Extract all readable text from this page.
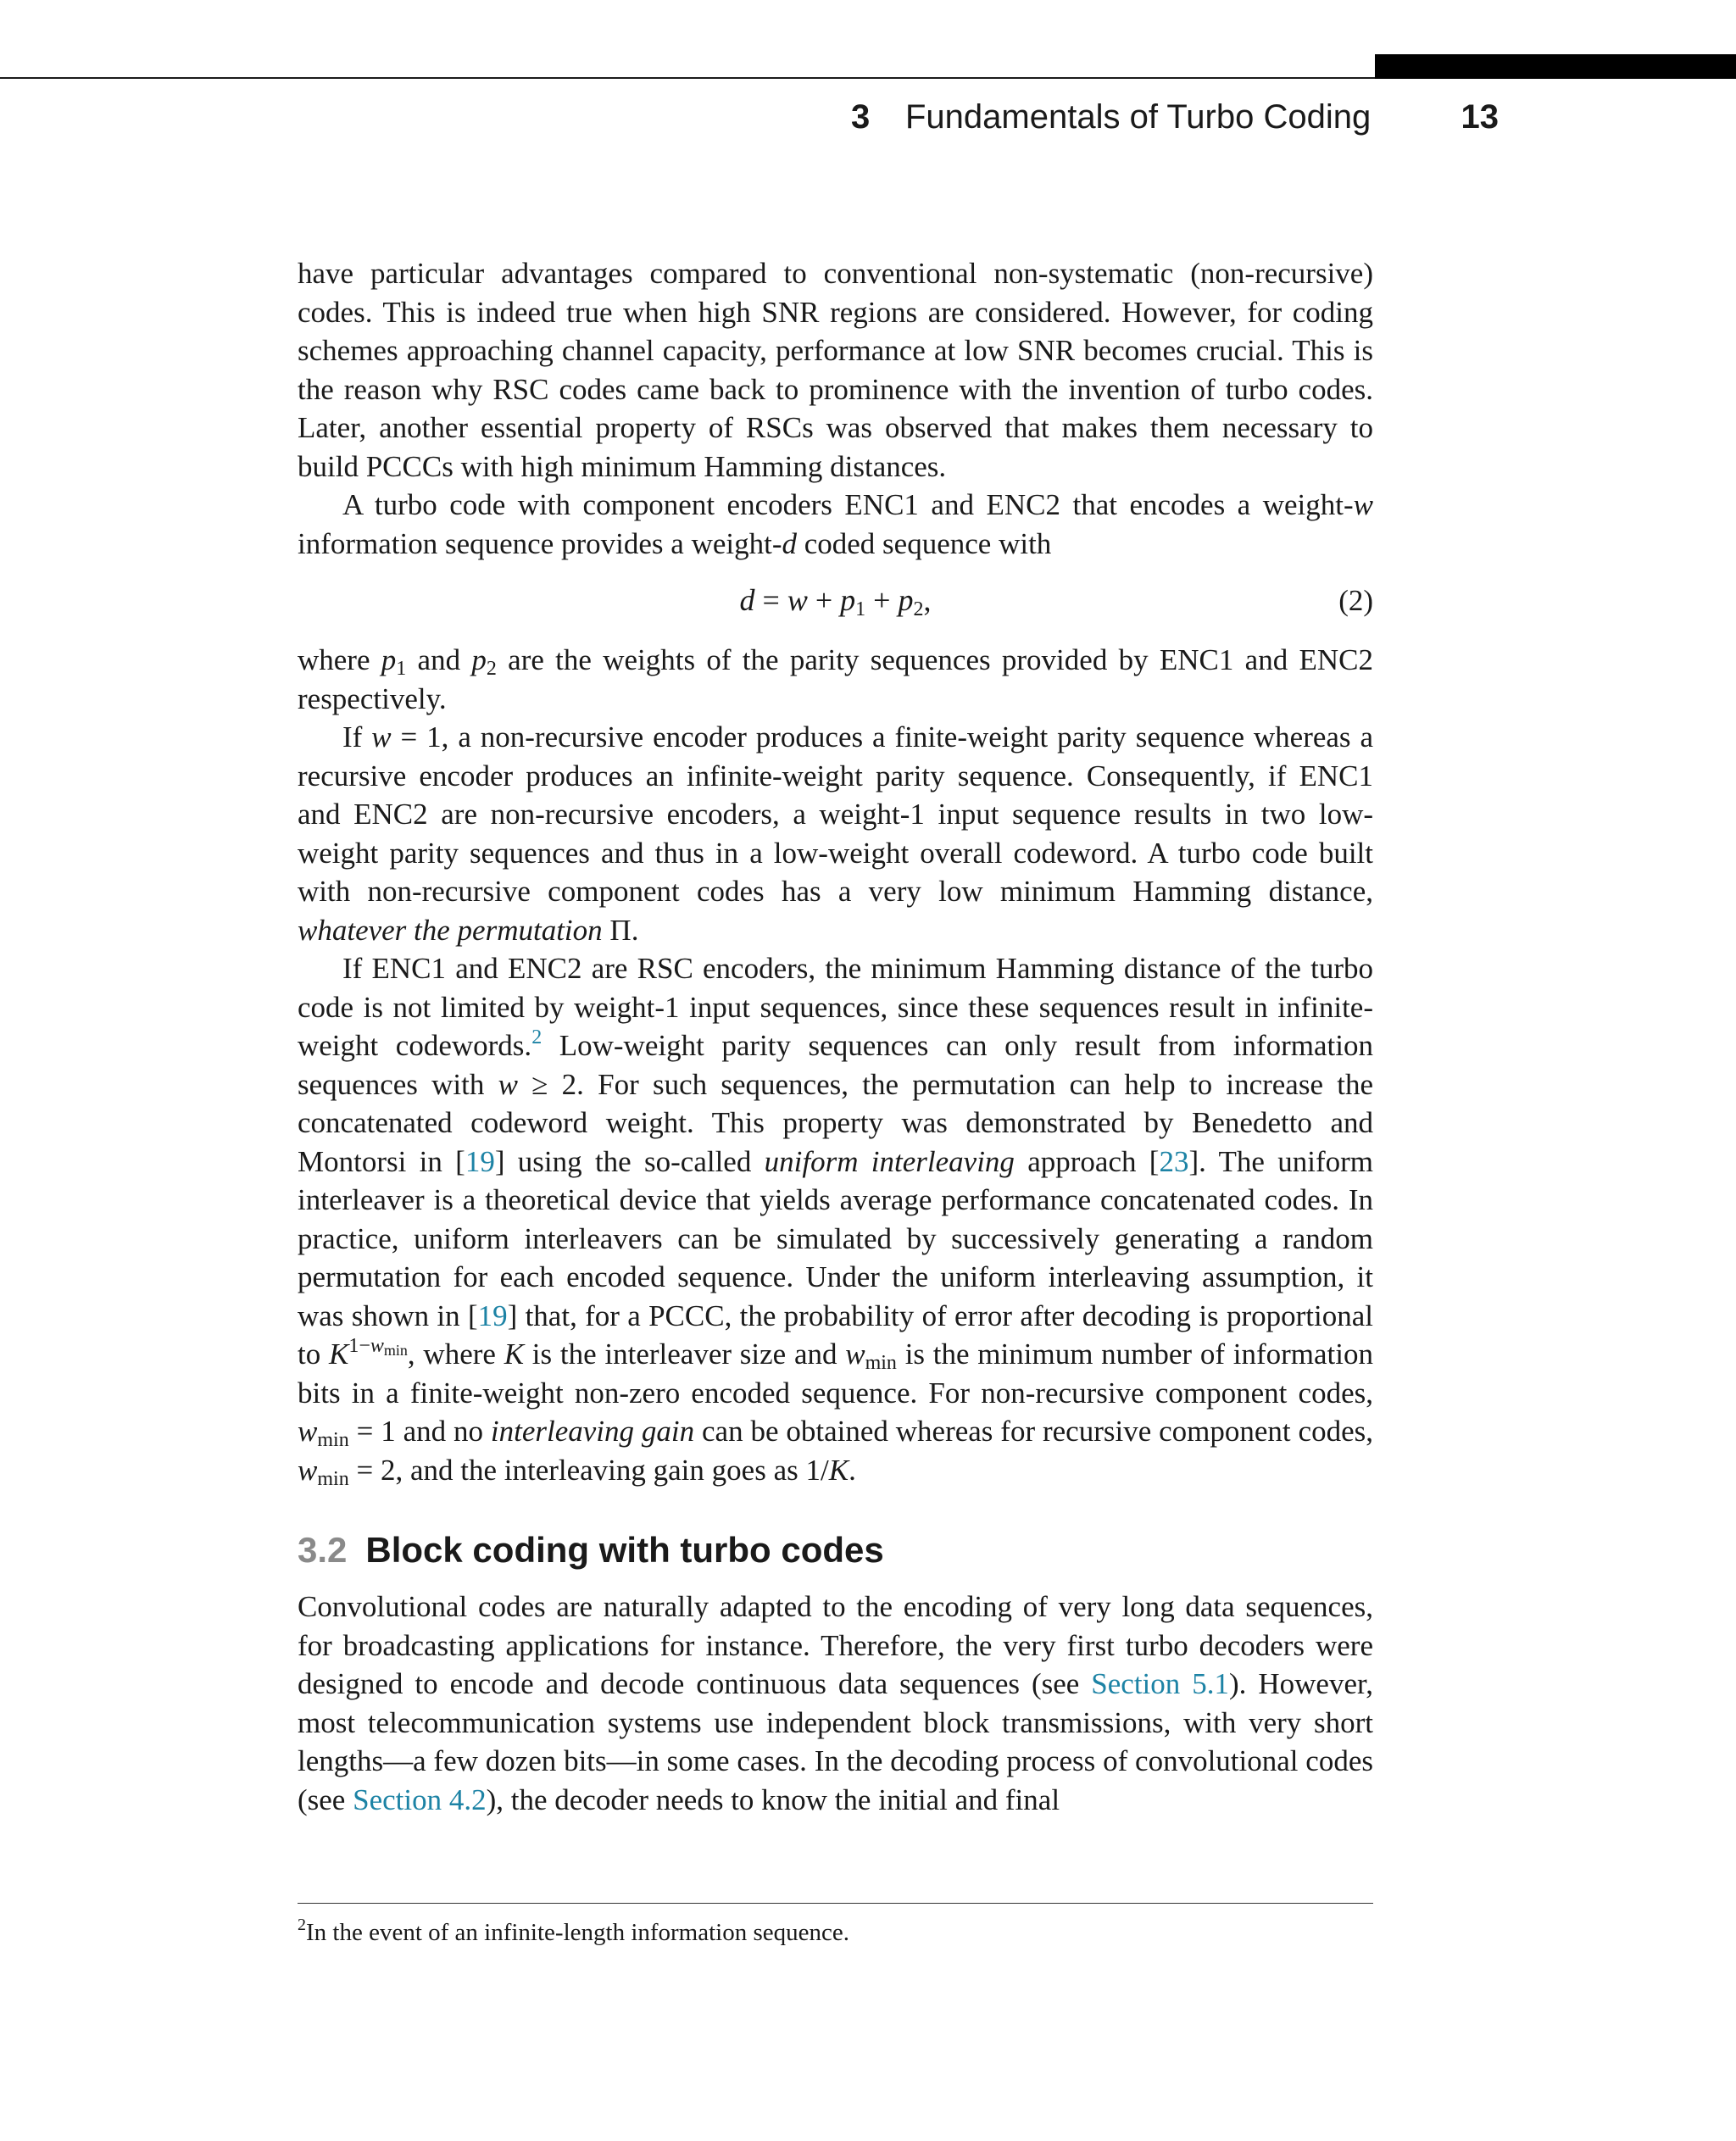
3 Fundamentals of Turbo Coding	13

have particular advantages compared to conventional non-systematic (non-recursive) codes. This is indeed true when high SNR regions are considered. However, for coding schemes approaching channel capacity, performance at low SNR becomes crucial. This is the reason why RSC codes came back to prominence with the invention of turbo codes. Later, another essential property of RSCs was observed that makes them necessary to build PCCCs with high minimum Hamming distances.

A turbo code with component encoders ENC1 and ENC2 that encodes a weight-w information sequence provides a weight-d coded sequence with

$d = w + p_1 + p_2$,	(2)

where $p_1$ and $p_2$ are the weights of the parity sequences provided by ENC1 and ENC2 respectively.

If w = 1, a non-recursive encoder produces a finite-weight parity sequence whereas a recursive encoder produces an infinite-weight parity sequence. Consequently, if ENC1 and ENC2 are non-recursive encoders, a weight-1 input sequence results in two low-weight parity sequences and thus in a low-weight overall codeword. A turbo code built with non-recursive component codes has a very low minimum Hamming distance, whatever the permutation Π.

If ENC1 and ENC2 are RSC encoders, the minimum Hamming distance of the turbo code is not limited by weight-1 input sequences, since these sequences result in infinite-weight codewords.$^2$ Low-weight parity sequences can only result from information sequences with w ≥ 2. For such sequences, the permutation can help to increase the concatenated codeword weight. This property was demonstrated by Benedetto and Montorsi in [19] using the so-called uniform interleaving approach [23]. The uniform interleaver is a theoretical device that yields average performance concatenated codes. In practice, uniform interleavers can be simulated by successively generating a random permutation for each encoded sequence. Under the uniform interleaving assumption, it was shown in [19] that, for a PCCC, the probability of error after decoding is proportional to $K^{1-w_{min}}$, where K is the interleaver size and $w_{min}$ is the minimum number of information bits in a finite-weight non-zero encoded sequence. For non-recursive component codes, $w_{min} = 1$ and no interleaving gain can be obtained whereas for recursive component codes, $w_{min} = 2$, and the interleaving gain goes as 1/K.

3.2 Block coding with turbo codes

Convolutional codes are naturally adapted to the encoding of very long data sequences, for broadcasting applications for instance. Therefore, the very first turbo decoders were designed to encode and decode continuous data sequences (see Section 5.1). However, most telecommunication systems use independent block transmissions, with very short lengths—a few dozen bits—in some cases. In the decoding process of convolutional codes (see Section 4.2), the decoder needs to know the initial and final

$^2$In the event of an infinite-length information sequence.
